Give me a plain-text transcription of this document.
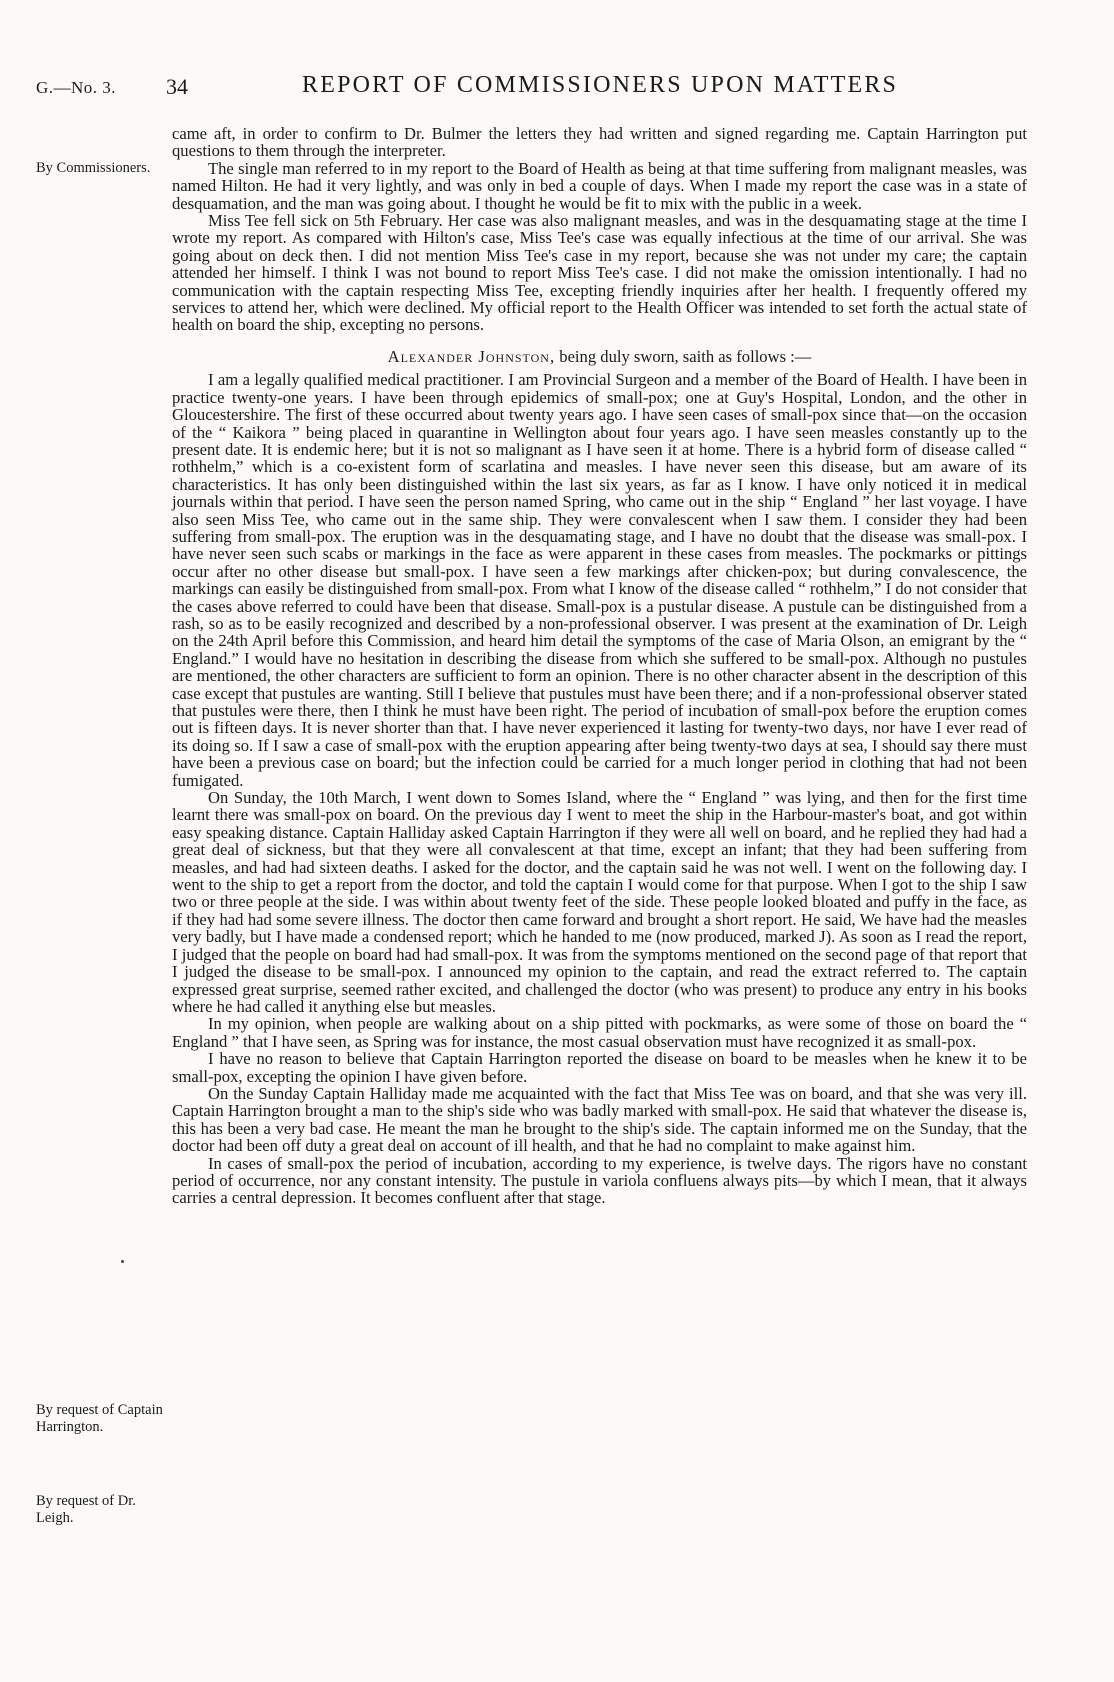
G.—No. 3. 34	REPORT OF COMMISSIONERS UPON MATTERS
By Commissioners.
By request of Captain Harrington.
By request of Dr. Leigh.

came aft, in order to confirm to Dr. Bulmer the letters they had written and signed regarding me. Captain Harrington put questions to them through the interpreter.

The single man referred to in my report to the Board of Health as being at that time suffering from malignant measles, was named Hilton. He had it very lightly, and was only in bed a couple of days. When I made my report the case was in a state of desquamation, and the man was going about. I thought he would be fit to mix with the public in a week.

Miss Tee fell sick on 5th February. Her case was also malignant measles, and was in the desquamating stage at the time I wrote my report. As compared with Hilton's case, Miss Tee's case was equally infectious at the time of our arrival. She was going about on deck then. I did not mention Miss Tee's case in my report, because she was not under my care; the captain attended her himself. I think I was not bound to report Miss Tee's case. I did not make the omission intentionally. I had no communication with the captain respecting Miss Tee, excepting friendly inquiries after her health. I frequently offered my services to attend her, which were declined. My official report to the Health Officer was intended to set forth the actual state of health on board the ship, excepting no persons.

Alexander Johnston, being duly sworn, saith as follows :—

I am a legally qualified medical practitioner. I am Provincial Surgeon and a member of the Board of Health. I have been in practice twenty-one years. I have been through epidemics of small-pox; one at Guy's Hospital, London, and the other in Gloucestershire. The first of these occurred about twenty years ago. I have seen cases of small-pox since that—on the occasion of the “ Kaikora ” being placed in quarantine in Wellington about four years ago. I have seen measles constantly up to the present date. It is endemic here; but it is not so malignant as I have seen it at home. There is a hybrid form of disease called “ rothhelm,” which is a co-existent form of scarlatina and measles. I have never seen this disease, but am aware of its characteristics. It has only been distinguished within the last six years, as far as I know. I have only noticed it in medical journals within that period. I have seen the person named Spring, who came out in the ship “ England ” her last voyage. I have also seen Miss Tee, who came out in the same ship. They were convalescent when I saw them. I consider they had been suffering from small-pox. The eruption was in the desquamating stage, and I have no doubt that the disease was small-pox. I have never seen such scabs or markings in the face as were apparent in these cases from measles. The pockmarks or pittings occur after no other disease but small-pox. I have seen a few markings after chicken-pox; but during convalescence, the markings can easily be distinguished from small-pox. From what I know of the disease called “ rothhelm,” I do not consider that the cases above referred to could have been that disease. Small-pox is a pustular disease. A pustule can be distinguished from a rash, so as to be easily recognized and described by a non-professional observer. I was present at the examination of Dr. Leigh on the 24th April before this Commission, and heard him detail the symptoms of the case of Maria Olson, an emigrant by the “ England.” I would have no hesitation in describing the disease from which she suffered to be small-pox. Although no pustules are mentioned, the other characters are sufficient to form an opinion. There is no other character absent in the description of this case except that pustules are wanting. Still I believe that pustules must have been there; and if a non-professional observer stated that pustules were there, then I think he must have been right. The period of incubation of small-pox before the eruption comes out is fifteen days. It is never shorter than that. I have never experienced it lasting for twenty-two days, nor have I ever read of its doing so. If I saw a case of small-pox with the eruption appearing after being twenty-two days at sea, I should say there must have been a previous case on board; but the infection could be carried for a much longer period in clothing that had not been fumigated.

On Sunday, the 10th March, I went down to Somes Island, where the “ England ” was lying, and then for the first time learnt there was small-pox on board. On the previous day I went to meet the ship in the Harbour-master's boat, and got within easy speaking distance. Captain Halliday asked Captain Harrington if they were all well on board, and he replied they had had a great deal of sickness, but that they were all convalescent at that time, except an infant; that they had been suffering from measles, and had had sixteen deaths. I asked for the doctor, and the captain said he was not well. I went on the following day. I went to the ship to get a report from the doctor, and told the captain I would come for that purpose. When I got to the ship I saw two or three people at the side. I was within about twenty feet of the side. These people looked bloated and puffy in the face, as if they had had some severe illness. The doctor then came forward and brought a short report. He said, We have had the measles very badly, but I have made a condensed report; which he handed to me (now produced, marked J). As soon as I read the report, I judged that the people on board had had small-pox. It was from the symptoms mentioned on the second page of that report that I judged the disease to be small-pox. I announced my opinion to the captain, and read the extract referred to. The captain expressed great surprise, seemed rather excited, and challenged the doctor (who was present) to produce any entry in his books where he had called it anything else but measles.

In my opinion, when people are walking about on a ship pitted with pockmarks, as were some of those on board the “ England ” that I have seen, as Spring was for instance, the most casual observation must have recognized it as small-pox.

I have no reason to believe that Captain Harrington reported the disease on board to be measles when he knew it to be small-pox, excepting the opinion I have given before.

On the Sunday Captain Halliday made me acquainted with the fact that Miss Tee was on board, and that she was very ill. Captain Harrington brought a man to the ship's side who was badly marked with small-pox. He said that whatever the disease is, this has been a very bad case. He meant the man he brought to the ship's side. The captain informed me on the Sunday, that the doctor had been off duty a great deal on account of ill health, and that he had no complaint to make against him.

In cases of small-pox the period of incubation, according to my experience, is twelve days. The rigors have no constant period of occurrence, nor any constant intensity. The pustule in variola confluens always pits—by which I mean, that it always carries a central depression. It becomes confluent after that stage.
